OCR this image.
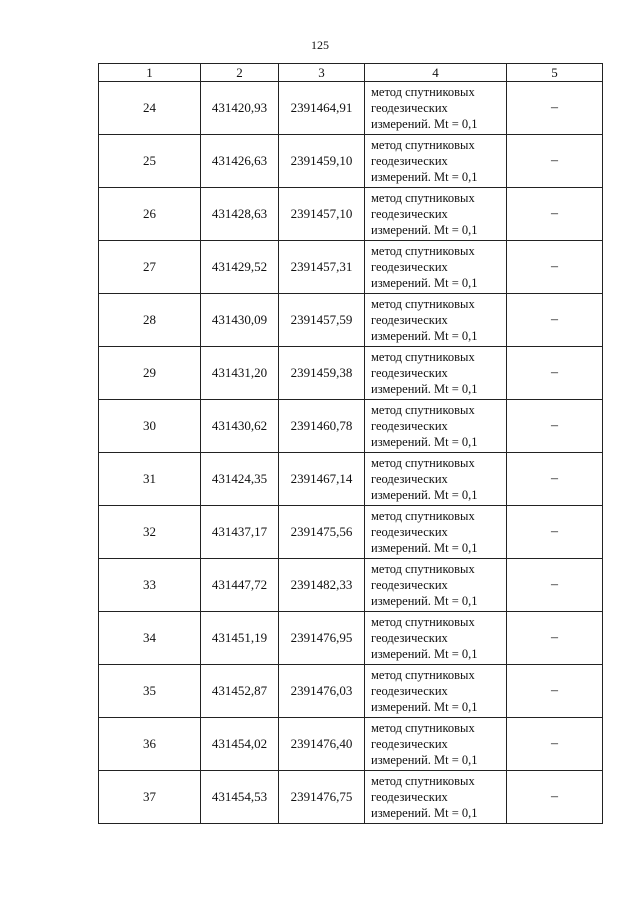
125
1	2	3	4	5
24	431420,93	2391464,91	метод спутниковых
геодезических
измерений. Mt = 0,1	–
25	431426,63	2391459,10	метод спутниковых
геодезических
измерений. Mt = 0,1	–
26	431428,63	2391457,10	метод спутниковых
геодезических
измерений. Mt = 0,1	–
27	431429,52	2391457,31	метод спутниковых
геодезических
измерений. Mt = 0,1	–
28	431430,09	2391457,59	метод спутниковых
геодезических
измерений. Mt = 0,1	–
29	431431,20	2391459,38	метод спутниковых
геодезических
измерений. Mt = 0,1	–
30	431430,62	2391460,78	метод спутниковых
геодезических
измерений. Mt = 0,1	–
31	431424,35	2391467,14	метод спутниковых
геодезических
измерений. Mt = 0,1	–
32	431437,17	2391475,56	метод спутниковых
геодезических
измерений. Mt = 0,1	–
33	431447,72	2391482,33	метод спутниковых
геодезических
измерений. Mt = 0,1	–
34	431451,19	2391476,95	метод спутниковых
геодезических
измерений. Mt = 0,1	–
35	431452,87	2391476,03	метод спутниковых
геодезических
измерений. Mt = 0,1	–
36	431454,02	2391476,40	метод спутниковых
геодезических
измерений. Mt = 0,1	–
37	431454,53	2391476,75	метод спутниковых
геодезических
измерений. Mt = 0,1	–
